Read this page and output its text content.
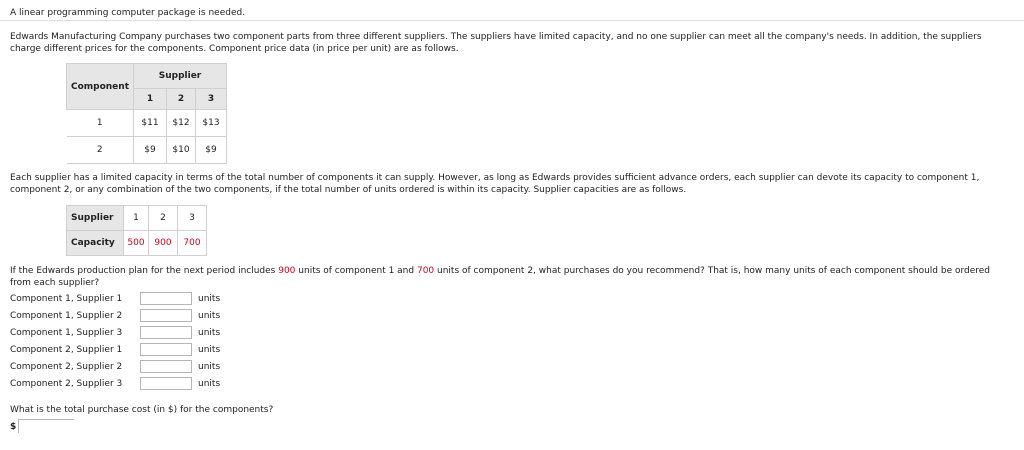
A linear programming computer package is needed.
Edwards Manufacturing Company purchases two component parts from three different suppliers. The suppliers have limited capacity, and no one supplier can meet all the company's needs. In addition, the suppliers charge different prices for the components. Component price data (in price per unit) are as follows.
Component	Supplier		
	1	2	3
1	$11	$12	$13
2	$9	$10	$9
Each supplier has a limited capacity in terms of the total number of components it can supply. However, as long as Edwards provides sufficient advance orders, each supplier can devote its capacity to component 1, component 2, or any combination of the two components, if the total number of units ordered is within its capacity. Supplier capacities are as follows.
Supplier	1	2	3
Capacity	500	900	700
If the Edwards production plan for the next period includes 900 units of component 1 and 700 units of component 2, what purchases do you recommend? That is, how many units of each component should be ordered from each supplier?
Component 1, Supplier 1	units
Component 1, Supplier 2	units
Component 1, Supplier 3	units
Component 2, Supplier 1	units
Component 2, Supplier 2	units
Component 2, Supplier 3	units
What is the total purchase cost (in $) for the components?
$
